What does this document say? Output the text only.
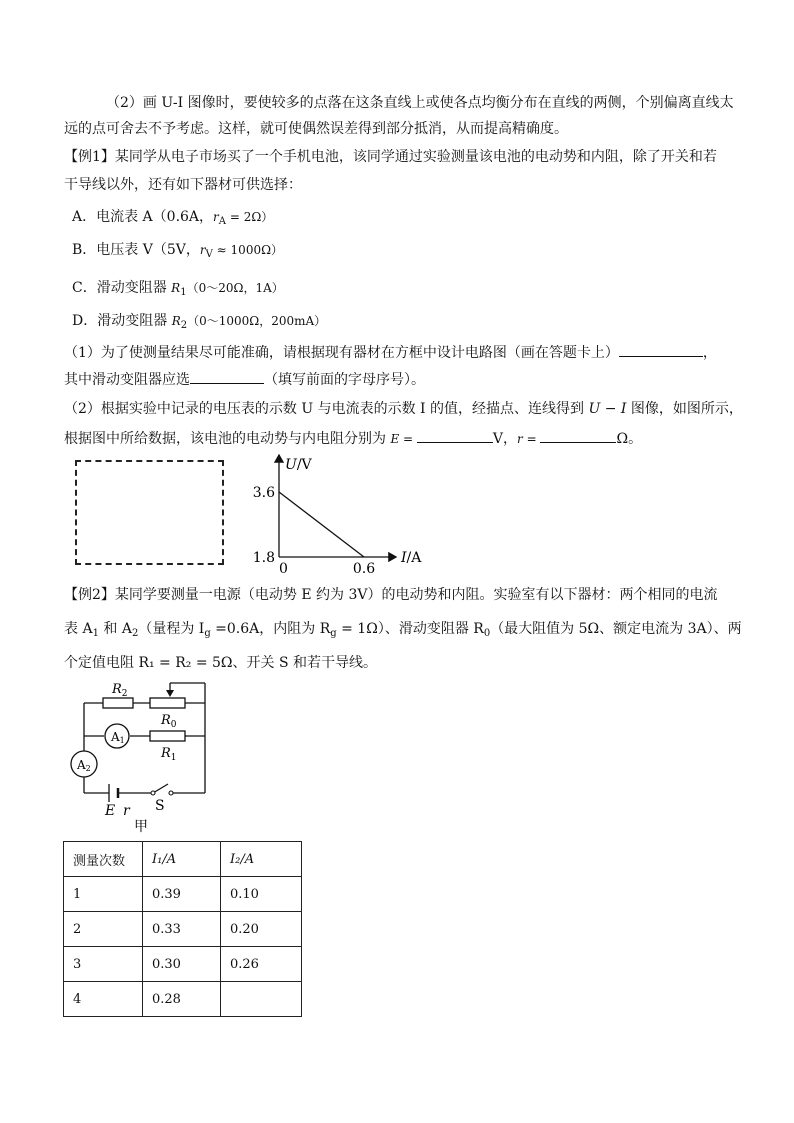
（2）画 U-I 图像时，要使较多的点落在这条直线上或使各点均衡分布在直线的两侧，个别偏离直线太
远的点可舍去不予考虑。这样，就可使偶然误差得到部分抵消，从而提高精确度。
【例1】某同学从电子市场买了一个手机电池，该同学通过实验测量该电池的电动势和内阻，除了开关和若
干导线以外，还有如下器材可供选择：
A．电流表 A（0.6A，$r_A = 2\Omega$）
B．电压表 V（5V，$r_V \approx 1000\Omega$）
C．滑动变阻器 $R_1(0\sim 20\Omega$，1A）
D．滑动变阻器 $R_2(0\sim 1000\Omega$，200mA）
（1）为了使测量结果尽可能准确，请根据现有器材在方框中设计电路图（画在答题卡上）	，
其中滑动变阻器应选	（填写前面的字母序号）。
（2）根据实验中记录的电压表的示数 U 与电流表的示数 I 的值，经描点、连线得到 U − I 图像，如图所示，
根据图中所给数据，该电池的电动势与内电阻分别为 E =	V，r =	Ω。
U/V
I/A
3.6
1.8
0	0.6
【例2】某同学要测量一电源（电动势 E 约为 3V）的电动势和内阻。实验室有以下器材：两个相同的电流
表 $A_1$ 和 $A_2$（量程为 $I_g =0.6A$，内阻为 $R_g = 1\Omega$）、滑动变阻器 $R_0$（最大阻值为 5Ω、额定电流为 3A）、两
个定值电阻 R₁ = R₂ = 5Ω、开关 S 和若干导线。
$R_2$
$R_0$
$R_1$
A1
A2
E r S
甲
测量次数	I₁/A	I₂/A
1	0.39	0.10
2	0.33	0.20
3	0.30	0.26
4	0.28	
